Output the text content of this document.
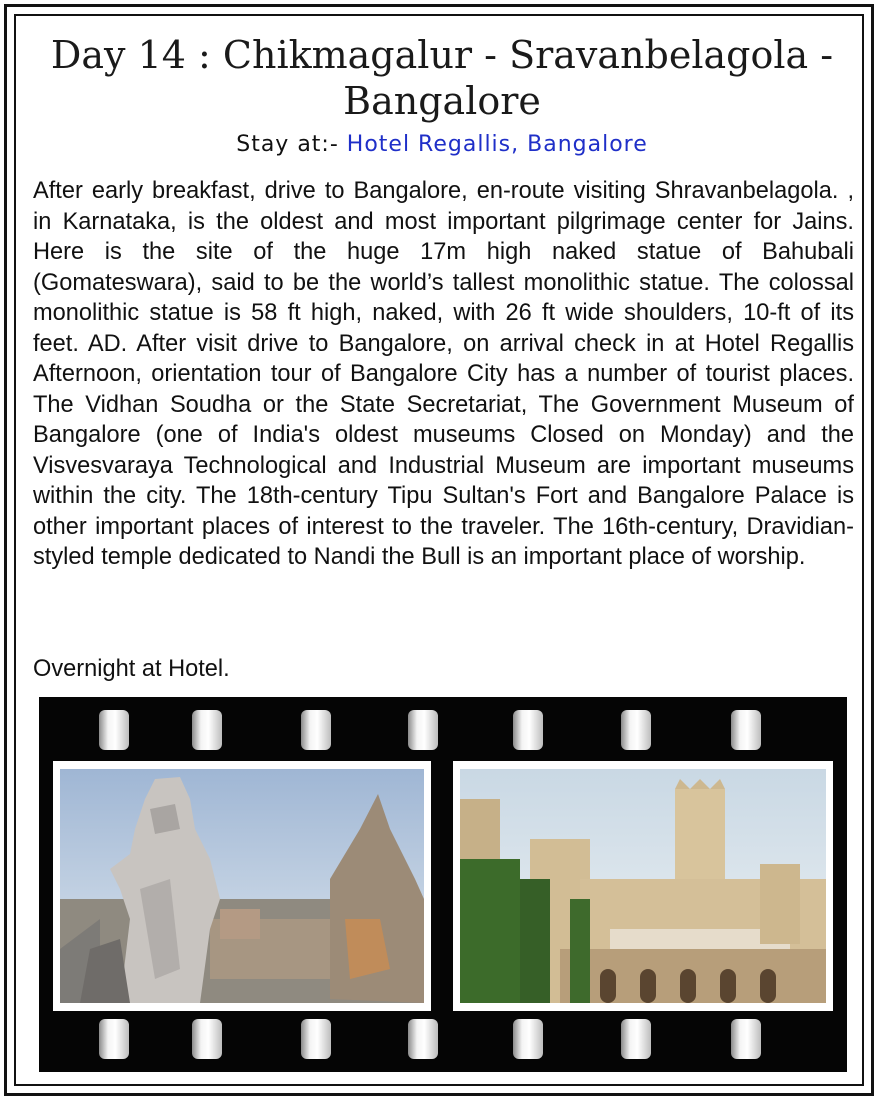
Day 14 : Chikmagalur - Sravanbelagola - Bangalore
Stay at:- Hotel Regallis, Bangalore

After early breakfast, drive to Bangalore, en-route visiting Shravanbelagola. , in Karnataka, is the oldest and most important pilgrimage center for Jains. Here is the site of the huge 17m high naked statue of Bahubali (Gomateswara), said to be the world’s tallest monolithic statue. The colossal monolithic statue is 58 ft high, naked, with 26 ft wide shoulders, 10-ft of its feet. AD. After visit drive to Bangalore, on arrival check in at Hotel Regallis Afternoon, orientation tour of Bangalore City has a number of tourist places. The Vidhan Soudha or the State Secretariat, The Government Museum of Bangalore (one of India's oldest museums Closed on Monday) and the Visvesvaraya Technological and Industrial Museum are important museums within the city. The 18th-century Tipu Sultan's Fort and Bangalore Palace is other important places of interest to the traveler. The 16th-century, Dravidian-styled temple dedicated to Nandi the Bull is an important place of worship.

Overnight at Hotel.
